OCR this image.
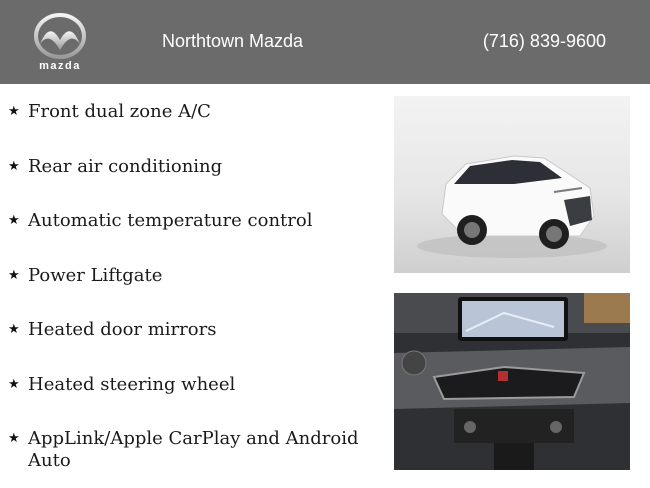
mazda
Northtown Mazda	(716) 839-9600
★ Front dual zone A/C
★ Rear air conditioning
★ Automatic temperature control
★ Power Liftgate
★ Heated door mirrors
★ Heated steering wheel
★ AppLink/Apple CarPlay and Android Auto
